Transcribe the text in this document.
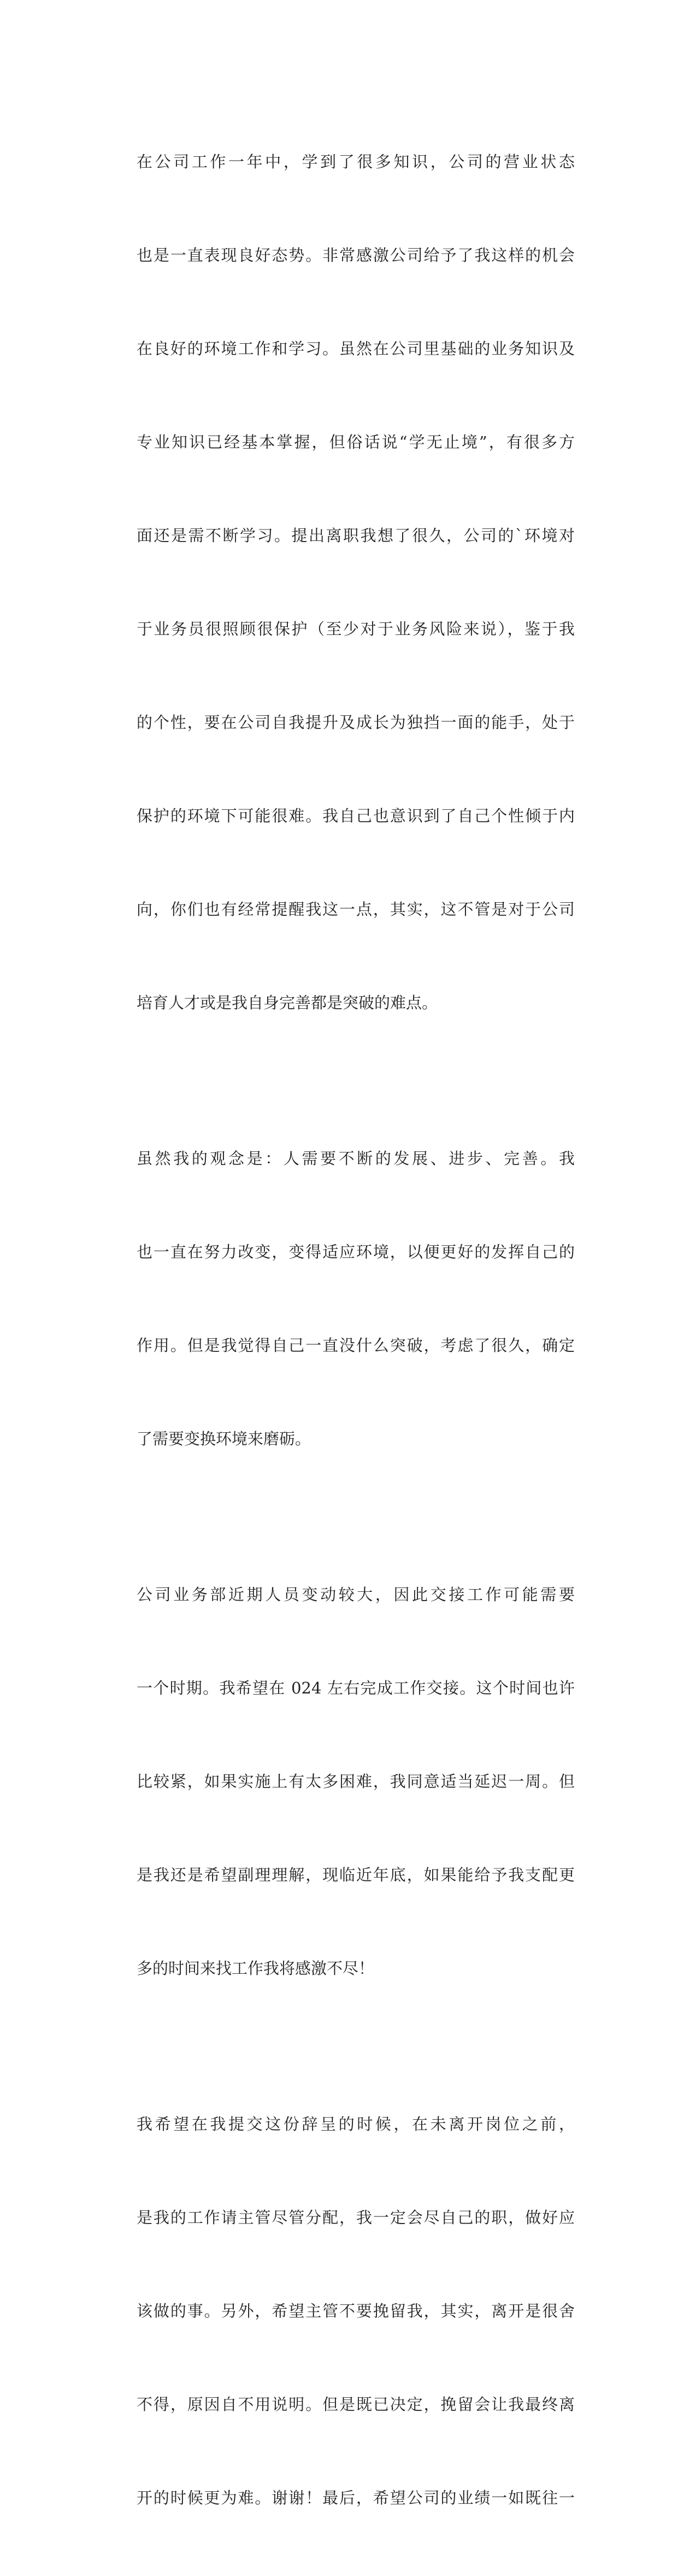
在公司工作一年中，学到了很多知识，公司的营业状态

也是一直表现良好态势。非常感激公司给予了我这样的机会

在良好的环境工作和学习。虽然在公司里基础的业务知识及

专业知识已经基本掌握，但俗话说“学无止境”，有很多方

面还是需不断学习。提出离职我想了很久，公司的`环境对

于业务员很照顾很保护（至少对于业务风险来说），鉴于我

的个性，要在公司自我提升及成长为独挡一面的能手，处于

保护的环境下可能很难。我自己也意识到了自己个性倾于内

向，你们也有经常提醒我这一点，其实，这不管是对于公司

培育人才或是我自身完善都是突破的难点。

虽然我的观念是：人需要不断的发展、进步、完善。我

也一直在努力改变，变得适应环境，以便更好的发挥自己的

作用。但是我觉得自己一直没什么突破，考虑了很久，确定

了需要变换环境来磨砺。

公司业务部近期人员变动较大，因此交接工作可能需要

一个时期。我希望在 024 左右完成工作交接。这个时间也许

比较紧，如果实施上有太多困难，我同意适当延迟一周。但

是我还是希望副理理解，现临近年底，如果能给予我支配更

多的时间来找工作我将感激不尽！

我希望在我提交这份辞呈的时候，在未离开岗位之前，

是我的工作请主管尽管分配，我一定会尽自己的职，做好应

该做的事。另外，希望主管不要挽留我，其实，离开是很舍

不得，原因自不用说明。但是既已决定，挽留会让我最终离

开的时候更为难。谢谢！最后，希望公司的业绩一如既往一
